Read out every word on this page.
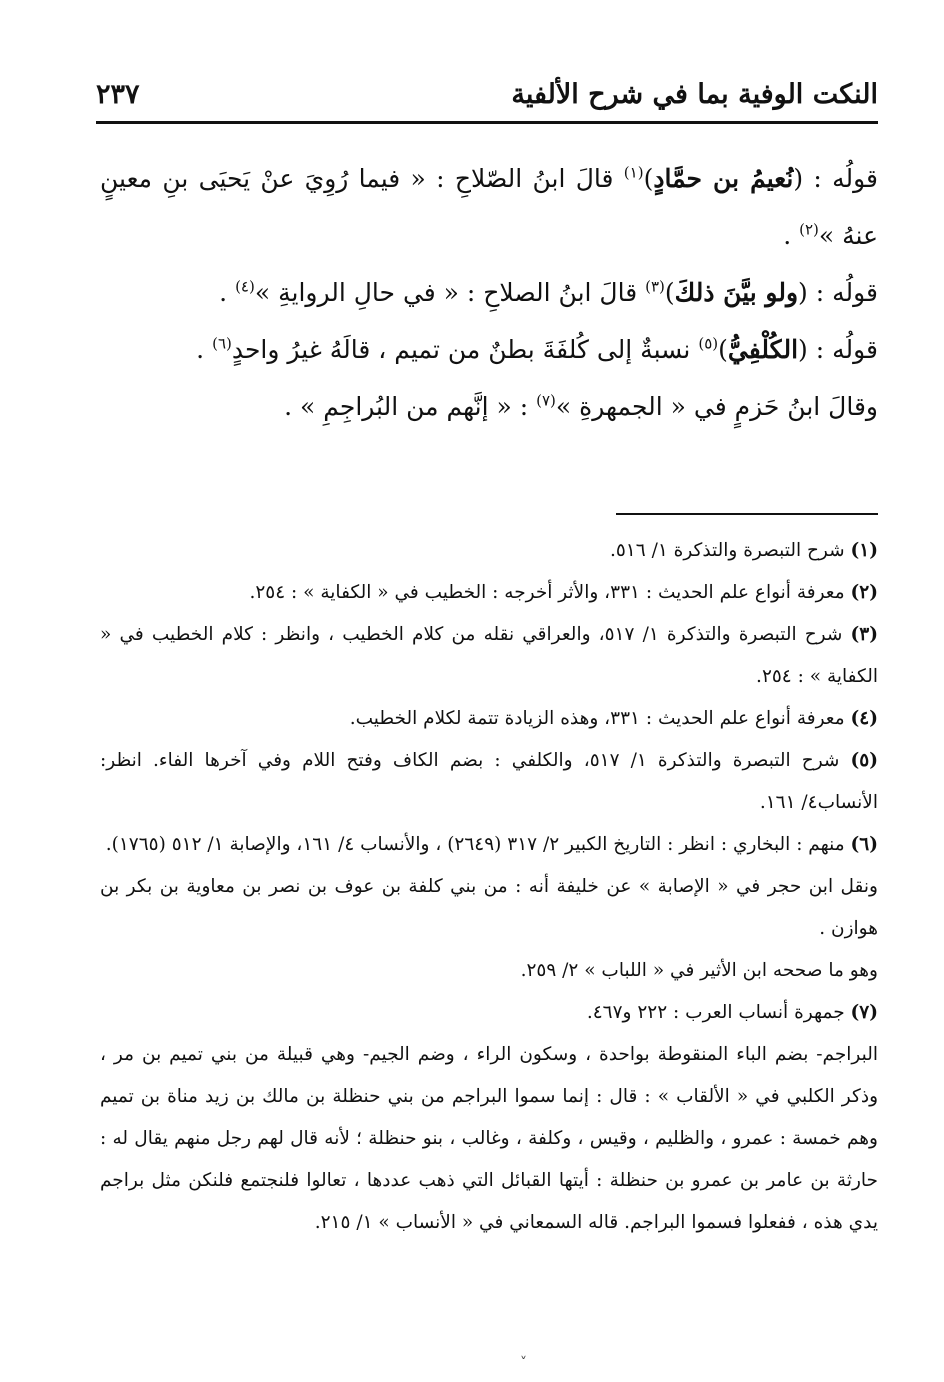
النكت الوفية بما في شرح الألفية
٢٣٧

قولُه : (نُعيمُ بن حمَّادٍ)$^{(١)}$ قالَ ابنُ الصّلاحِ : « فيما رُوِيَ عنْ يَحيَى بنِ معينٍ عنهُ »$^{(٢)}$ .

قولُه : (ولو بيَّنَ ذلكَ)$^{(٣)}$ قالَ ابنُ الصلاحِ : « في حالِ الروايةِ »$^{(٤)}$ .

قولُه : (الكُلْفِيُّ)$^{(٥)}$ نسبةٌ إلى كُلفَةَ بطنٌ من تميم ، قالَهُ غيرُ واحدٍ$^{(٦)}$ .

وقالَ ابنُ حَزمٍ في « الجمهرةِ »$^{(٧)}$ : « إنَّهم من البُراجِمِ » .

(١) شرح التبصرة والتذكرة ١/ ٥١٦.

(٢) معرفة أنواع علم الحديث : ٣٣١، والأثر أخرجه : الخطيب في « الكفاية » : ٢٥٤.

(٣) شرح التبصرة والتذكرة ١/ ٥١٧، والعراقي نقله من كلام الخطيب ، وانظر : كلام الخطيب في « الكفاية » : ٢٥٤.

(٤) معرفة أنواع علم الحديث : ٣٣١، وهذه الزيادة تتمة لكلام الخطيب.

(٥) شرح التبصرة والتذكرة ١/ ٥١٧، والكلفي : بضم الكاف وفتح اللام وفي آخرها الفاء. انظر: الأنساب٤/ ١٦١.

(٦) منهم : البخاري : انظر : التاريخ الكبير ٢/ ٣١٧ (٢٦٤٩) ، والأنساب ٤/ ١٦١، والإصابة ١/ ٥١٢ (١٧٦٥).

ونقل ابن حجر في « الإصابة » عن خليفة أنه : من بني كلفة بن عوف بن نصر بن معاوية بن بكر بن هوازن .

وهو ما صححه ابن الأثير في « اللباب » ٢/ ٢٥٩.

(٧) جمهرة أنساب العرب : ٢٢٢ و٤٦٧.

البراجم- بضم الباء المنقوطة بواحدة ، وسكون الراء ، وضم الجيم- وهي قبيلة من بني تميم بن مر ، وذكر الكلبي في « الألقاب » : قال : إنما سموا البراجم من بني حنظلة بن مالك بن زيد مناة بن تميم وهم خمسة : عمرو ، والظليم ، وقيس ، وكلفة ، وغالب ، بنو حنظلة ؛ لأنه قال لهم رجل منهم يقال له : حارثة بن عامر بن عمرو بن حنظلة : أيتها القبائل التي ذهب عددها ، تعالوا فلنجتمع فلنكن مثل براجم يدي هذه ، ففعلوا فسموا البراجم. قاله السمعاني في « الأنساب » ١/ ٢١٥.

˅
